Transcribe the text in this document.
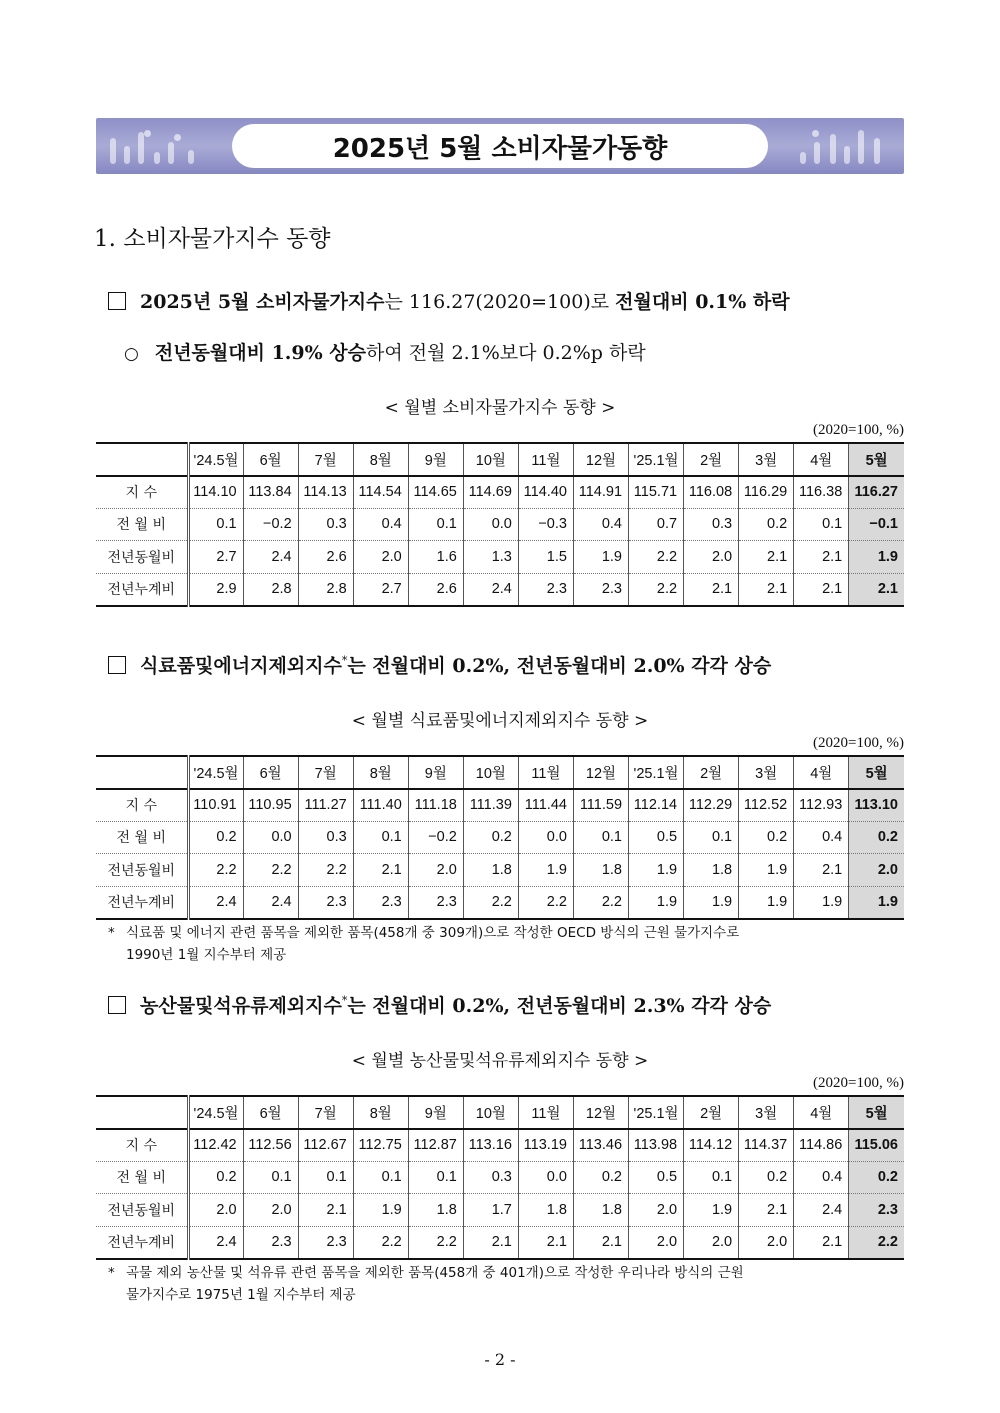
2025년 5월 소비자물가동향
1. 소비자물가지수 동향
2025년 5월 소비자물가지수는 116.27(2020=100)로 전월대비 0.1% 하락
○ 전년동월대비 1.9% 상승하여 전월 2.1%보다 0.2%p 하락
< 월별 소비자물가지수 동향 >
(2020=100, %)
	'24.5월	6월	7월	8월	9월	10월	11월	12월	'25.1월	2월	3월	4월	5월
지 수	114.10	113.84	114.13	114.54	114.65	114.69	114.40	114.91	115.71	116.08	116.29	116.38	116.27
전 월 비	0.1	−0.2	0.3	0.4	0.1	0.0	−0.3	0.4	0.7	0.3	0.2	0.1	−0.1
전년동월비	2.7	2.4	2.6	2.0	1.6	1.3	1.5	1.9	2.2	2.0	2.1	2.1	1.9
전년누계비	2.9	2.8	2.8	2.7	2.6	2.4	2.3	2.3	2.2	2.1	2.1	2.1	2.1
식료품및에너지제외지수*는 전월대비 0.2%, 전년동월대비 2.0% 각각 상승
< 월별 식료품및에너지제외지수 동향 >
(2020=100, %)
	'24.5월	6월	7월	8월	9월	10월	11월	12월	'25.1월	2월	3월	4월	5월
지 수	110.91	110.95	111.27	111.40	111.18	111.39	111.44	111.59	112.14	112.29	112.52	112.93	113.10
전 월 비	0.2	0.0	0.3	0.1	−0.2	0.2	0.0	0.1	0.5	0.1	0.2	0.4	0.2
전년동월비	2.2	2.2	2.2	2.1	2.0	1.8	1.9	1.8	1.9	1.8	1.9	2.1	2.0
전년누계비	2.4	2.4	2.3	2.3	2.3	2.2	2.2	2.2	1.9	1.9	1.9	1.9	1.9
* 식료품 및 에너지 관련 품목을 제외한 품목(458개 중 309개)으로 작성한 OECD 방식의 근원 물가지수로
1990년 1월 지수부터 제공
농산물및석유류제외지수*는 전월대비 0.2%, 전년동월대비 2.3% 각각 상승
< 월별 농산물및석유류제외지수 동향 >
(2020=100, %)
	'24.5월	6월	7월	8월	9월	10월	11월	12월	'25.1월	2월	3월	4월	5월
지 수	112.42	112.56	112.67	112.75	112.87	113.16	113.19	113.46	113.98	114.12	114.37	114.86	115.06
전 월 비	0.2	0.1	0.1	0.1	0.1	0.3	0.0	0.2	0.5	0.1	0.2	0.4	0.2
전년동월비	2.0	2.0	2.1	1.9	1.8	1.7	1.8	1.8	2.0	1.9	2.1	2.4	2.3
전년누계비	2.4	2.3	2.3	2.2	2.2	2.1	2.1	2.1	2.0	2.0	2.0	2.1	2.2
* 곡물 제외 농산물 및 석유류 관련 품목을 제외한 품목(458개 중 401개)으로 작성한 우리나라 방식의 근원
물가지수로 1975년 1월 지수부터 제공
- 2 -
